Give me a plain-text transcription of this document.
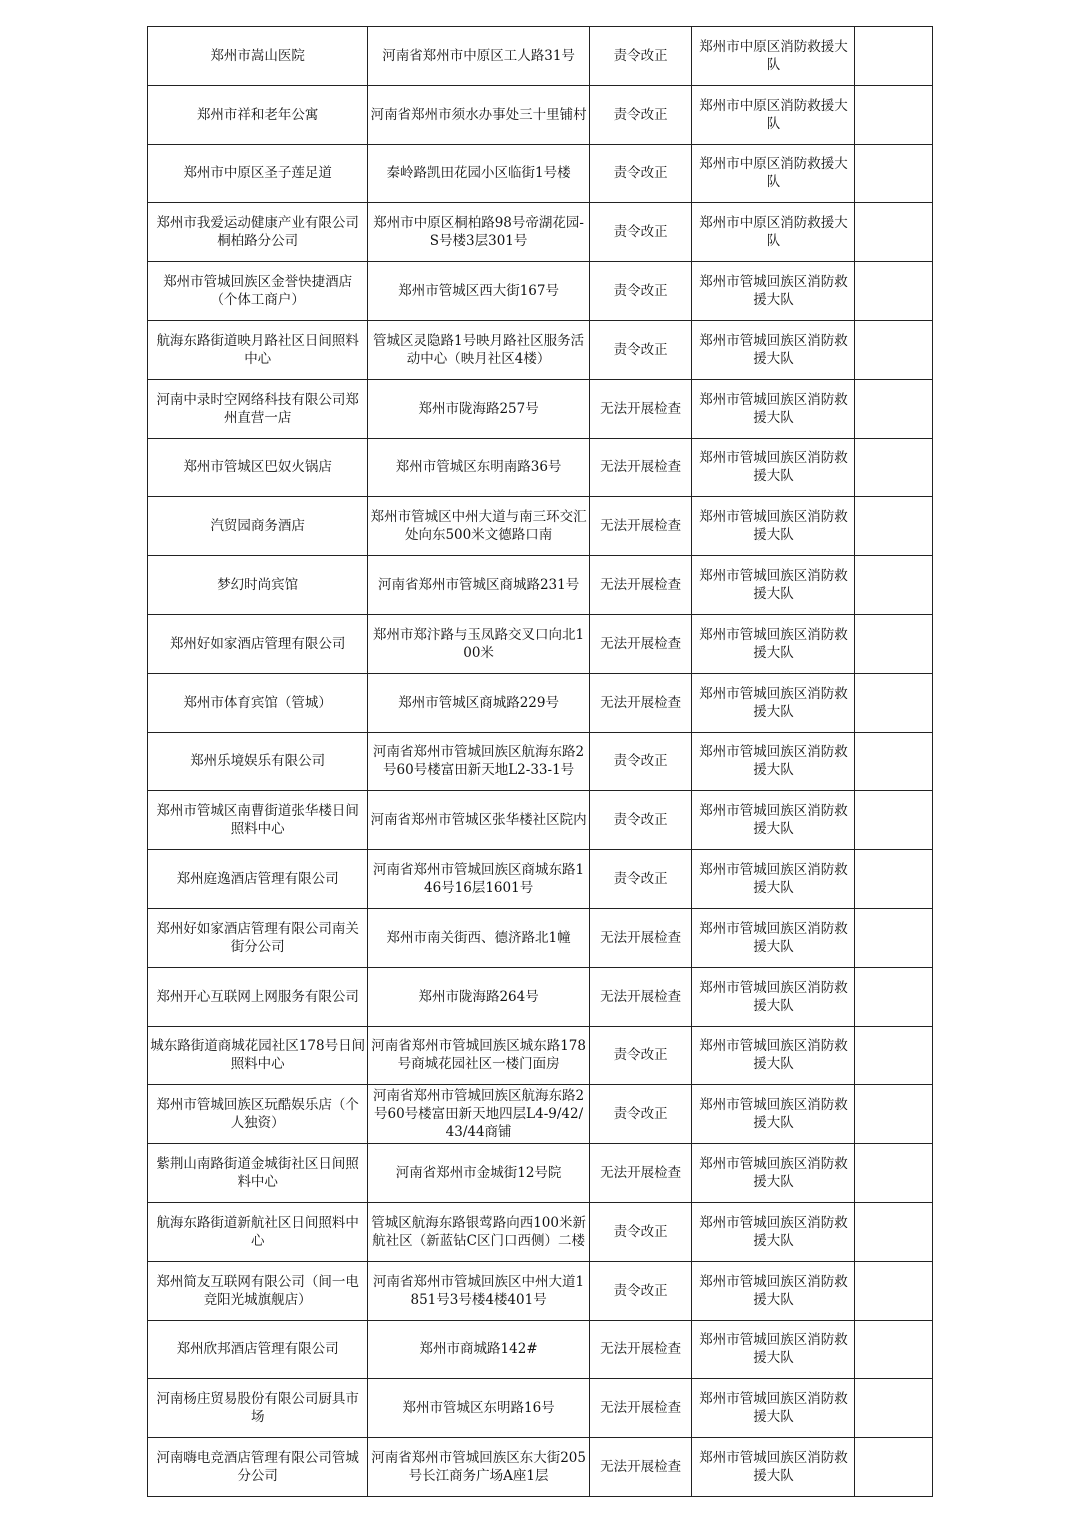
郑州市嵩山医院	河南省郑州市中原区工人路31号	责令改正	郑州市中原区消防救援大队	
郑州市祥和老年公寓	河南省郑州市须水办事处三十里铺村	责令改正	郑州市中原区消防救援大队	
郑州市中原区圣子莲足道	秦岭路凯田花园小区临街1号楼	责令改正	郑州市中原区消防救援大队	
郑州市我爱运动健康产业有限公司桐柏路分公司	郑州市中原区桐柏路98号帝湖花园-S号楼3层301号	责令改正	郑州市中原区消防救援大队	
郑州市管城回族区金誉快捷酒店（个体工商户）	郑州市管城区西大街167号	责令改正	郑州市管城回族区消防救援大队	
航海东路街道映月路社区日间照料中心	管城区灵隐路1号映月路社区服务活动中心（映月社区4楼）	责令改正	郑州市管城回族区消防救援大队	
河南中录时空网络科技有限公司郑州直营一店	郑州市陇海路257号	无法开展检查	郑州市管城回族区消防救援大队	
郑州市管城区巴奴火锅店	郑州市管城区东明南路36号	无法开展检查	郑州市管城回族区消防救援大队	
汽贸园商务酒店	郑州市管城区中州大道与南三环交汇处向东500米文德路口南	无法开展检查	郑州市管城回族区消防救援大队	
梦幻时尚宾馆	河南省郑州市管城区商城路231号	无法开展检查	郑州市管城回族区消防救援大队	
郑州好如家酒店管理有限公司	郑州市郑汴路与玉凤路交叉口向北100米	无法开展检查	郑州市管城回族区消防救援大队	
郑州市体育宾馆（管城）	郑州市管城区商城路229号	无法开展检查	郑州市管城回族区消防救援大队	
郑州乐境娱乐有限公司	河南省郑州市管城回族区航海东路2号60号楼富田新天地L2-33-1号	责令改正	郑州市管城回族区消防救援大队	
郑州市管城区南曹街道张华楼日间照料中心	河南省郑州市管城区张华楼社区院内	责令改正	郑州市管城回族区消防救援大队	
郑州庭逸酒店管理有限公司	河南省郑州市管城回族区商城东路146号16层1601号	责令改正	郑州市管城回族区消防救援大队	
郑州好如家酒店管理有限公司南关街分公司	郑州市南关街西、德济路北1幢	无法开展检查	郑州市管城回族区消防救援大队	
郑州开心互联网上网服务有限公司	郑州市陇海路264号	无法开展检查	郑州市管城回族区消防救援大队	
城东路街道商城花园社区178号日间照料中心	河南省郑州市管城回族区城东路178号商城花园社区一楼门面房	责令改正	郑州市管城回族区消防救援大队	
郑州市管城回族区玩酷娱乐店（个人独资）	河南省郑州市管城回族区航海东路2号60号楼富田新天地四层L4-9/42/43/44商铺	责令改正	郑州市管城回族区消防救援大队	
紫荆山南路街道金城街社区日间照料中心	河南省郑州市金城街12号院	无法开展检查	郑州市管城回族区消防救援大队	
航海东路街道新航社区日间照料中心	管城区航海东路银莺路向西100米新航社区（新蓝钻C区门口西侧）二楼	责令改正	郑州市管城回族区消防救援大队	
郑州简友互联网有限公司（间一电竞阳光城旗舰店）	河南省郑州市管城回族区中州大道1851号3号楼4楼401号	责令改正	郑州市管城回族区消防救援大队	
郑州欣邦酒店管理有限公司	郑州市商城路142#	无法开展检查	郑州市管城回族区消防救援大队	
河南杨庄贸易股份有限公司厨具市场	郑州市管城区东明路16号	无法开展检查	郑州市管城回族区消防救援大队	
河南嗨电竞酒店管理有限公司管城分公司	河南省郑州市管城回族区东大街205号长江商务广场A座1层	无法开展检查	郑州市管城回族区消防救援大队	
